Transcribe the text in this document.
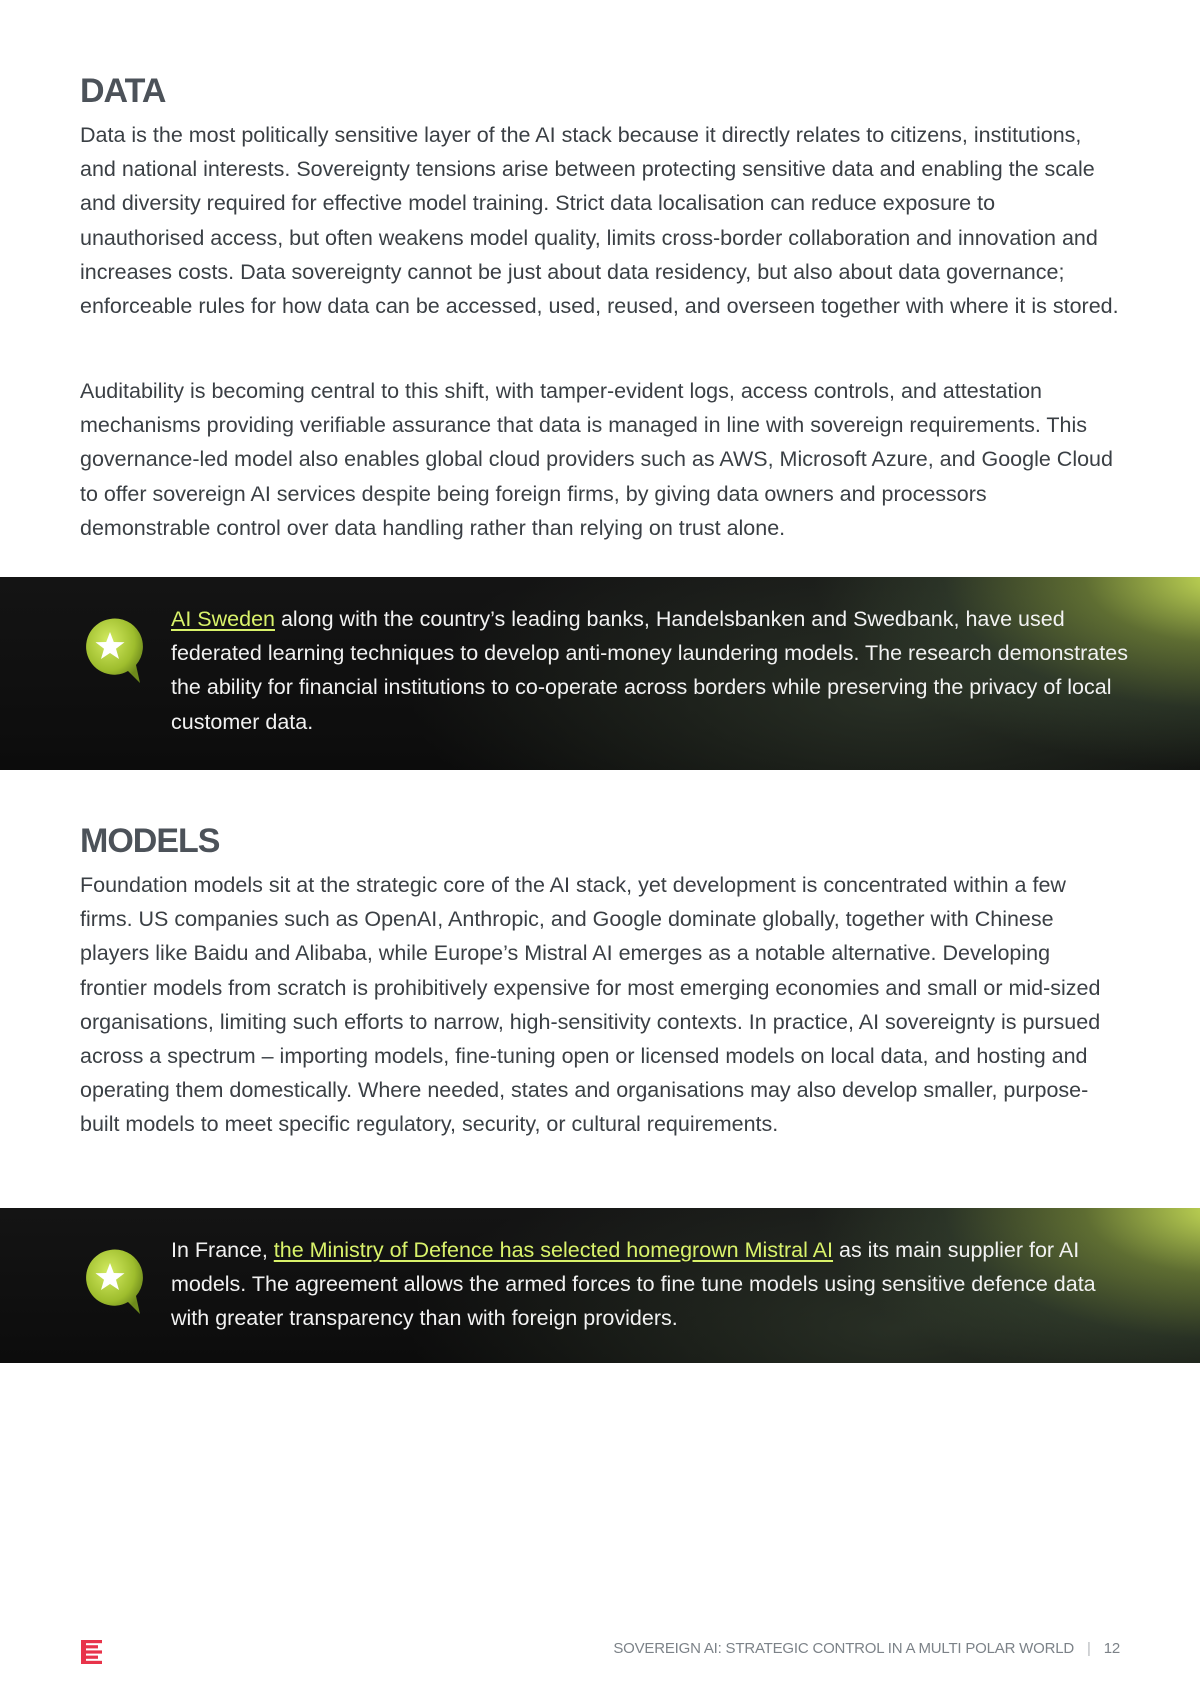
DATA

Data is the most politically sensitive layer of the AI stack because it directly relates to citizens, institutions, and national interests. Sovereignty tensions arise between protecting sensitive data and enabling the scale and diversity required for effective model training. Strict data localisation can reduce exposure to unauthorised access, but often weakens model quality, limits cross-border collaboration and innovation and increases costs. Data sovereignty cannot be just about data residency, but also about data governance; enforceable rules for how data can be accessed, used, reused, and overseen together with where it is stored.

Auditability is becoming central to this shift, with tamper-evident logs, access controls, and attestation mechanisms providing verifiable assurance that data is managed in line with sovereign requirements. This governance-led model also enables global cloud providers such as AWS, Microsoft Azure, and Google Cloud to offer sovereign AI services despite being foreign firms, by giving data owners and processors demonstrable control over data handling rather than relying on trust alone.

AI Sweden along with the country’s leading banks, Handelsbanken and Swedbank, have used federated learning techniques to develop anti-money laundering models. The research demonstrates the ability for financial institutions to co-operate across borders while preserving the privacy of local customer data.

MODELS

Foundation models sit at the strategic core of the AI stack, yet development is concentrated within a few firms. US companies such as OpenAI, Anthropic, and Google dominate globally, together with Chinese players like Baidu and Alibaba, while Europe’s Mistral AI emerges as a notable alternative. Developing frontier models from scratch is prohibitively expensive for most emerging economies and small or mid-sized organisations, limiting such efforts to narrow, high-sensitivity contexts. In practice, AI sovereignty is pursued across a spectrum – importing models, fine-tuning open or licensed models on local data, and hosting and operating them domestically. Where needed, states and organisations may also develop smaller, purpose-built models to meet specific regulatory, security, or cultural requirements.

In France, the Ministry of Defence has selected homegrown Mistral AI as its main supplier for AI models. The agreement allows the armed forces to fine tune models using sensitive defence data with greater transparency than with foreign providers.

SOVEREIGN AI: STRATEGIC CONTROL IN A MULTI POLAR WORLD | 12
